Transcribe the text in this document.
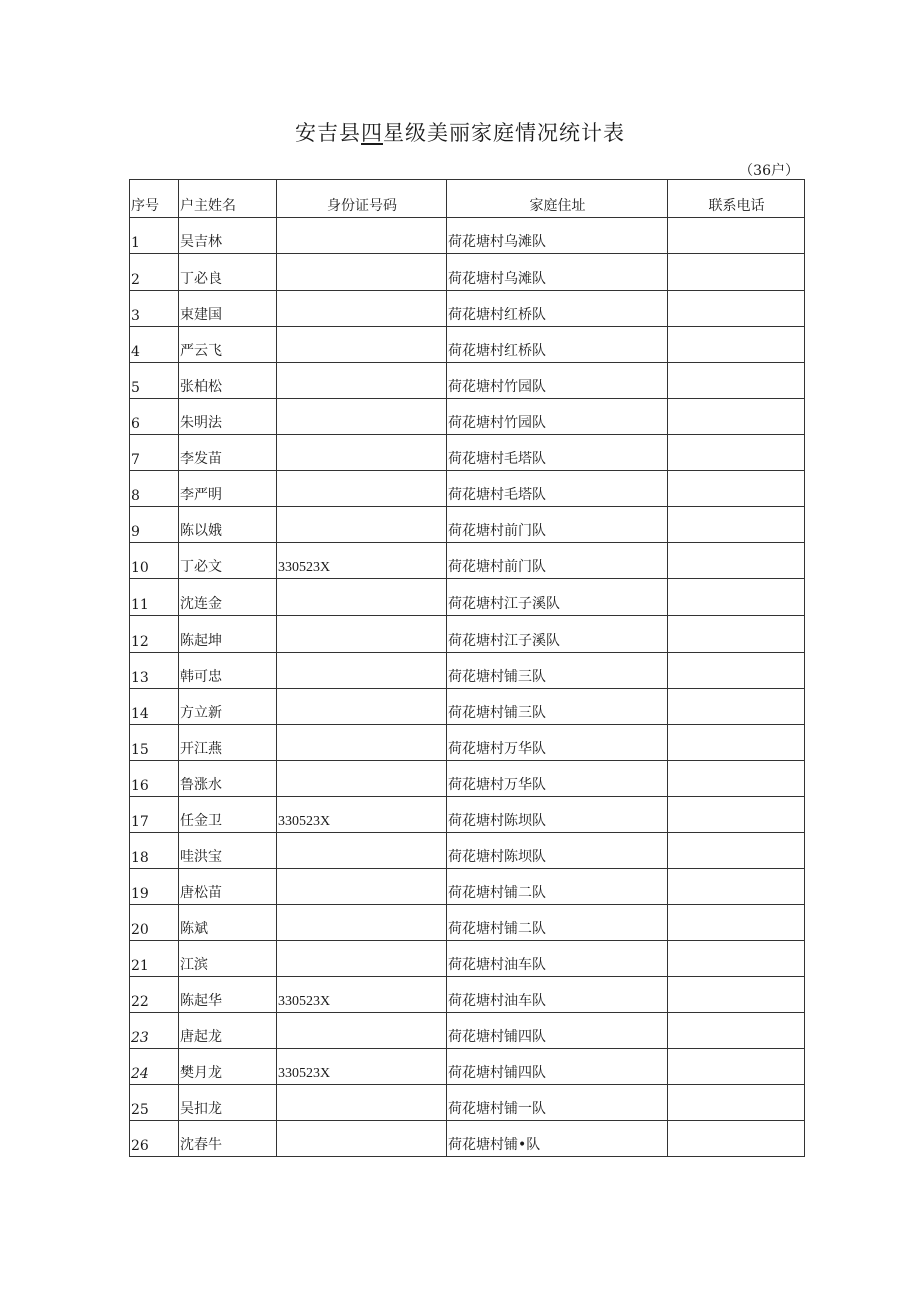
安吉县四星级美丽家庭情况统计表
（36户）
序号	户主姓名	身份证号码	家庭住址	联系电话
1	吴吉林		荷花塘村乌滩队	
2	丁必良		荷花塘村乌滩队	
3	束建国		荷花塘村红桥队	
4	严云飞		荷花塘村红桥队	
5	张柏松		荷花塘村竹园队	
6	朱明法		荷花塘村竹园队	
7	李发苗		荷花塘村毛塔队	
8	李严明		荷花塘村毛塔队	
9	陈以娥		荷花塘村前门队	
10	丁必文	330523X	荷花塘村前门队	
11	沈连金		荷花塘村江子溪队	
12	陈起坤		荷花塘村江子溪队	
13	韩可忠		荷花塘村铺三队	
14	方立新		荷花塘村铺三队	
15	开江燕		荷花塘村万华队	
16	鲁涨水		荷花塘村万华队	
17	任金卫	330523X	荷花塘村陈坝队	
18	哇洪宝		荷花塘村陈坝队	
19	唐松苗		荷花塘村铺二队	
20	陈斌		荷花塘村铺二队	
21	江滨		荷花塘村油车队	
22	陈起华	330523X	荷花塘村油车队	
23	唐起龙		荷花塘村铺四队	
24	樊月龙	330523X	荷花塘村铺四队	
25	吴扣龙		荷花塘村铺一队	
26	沈春牛		荷花塘村铺•队	
